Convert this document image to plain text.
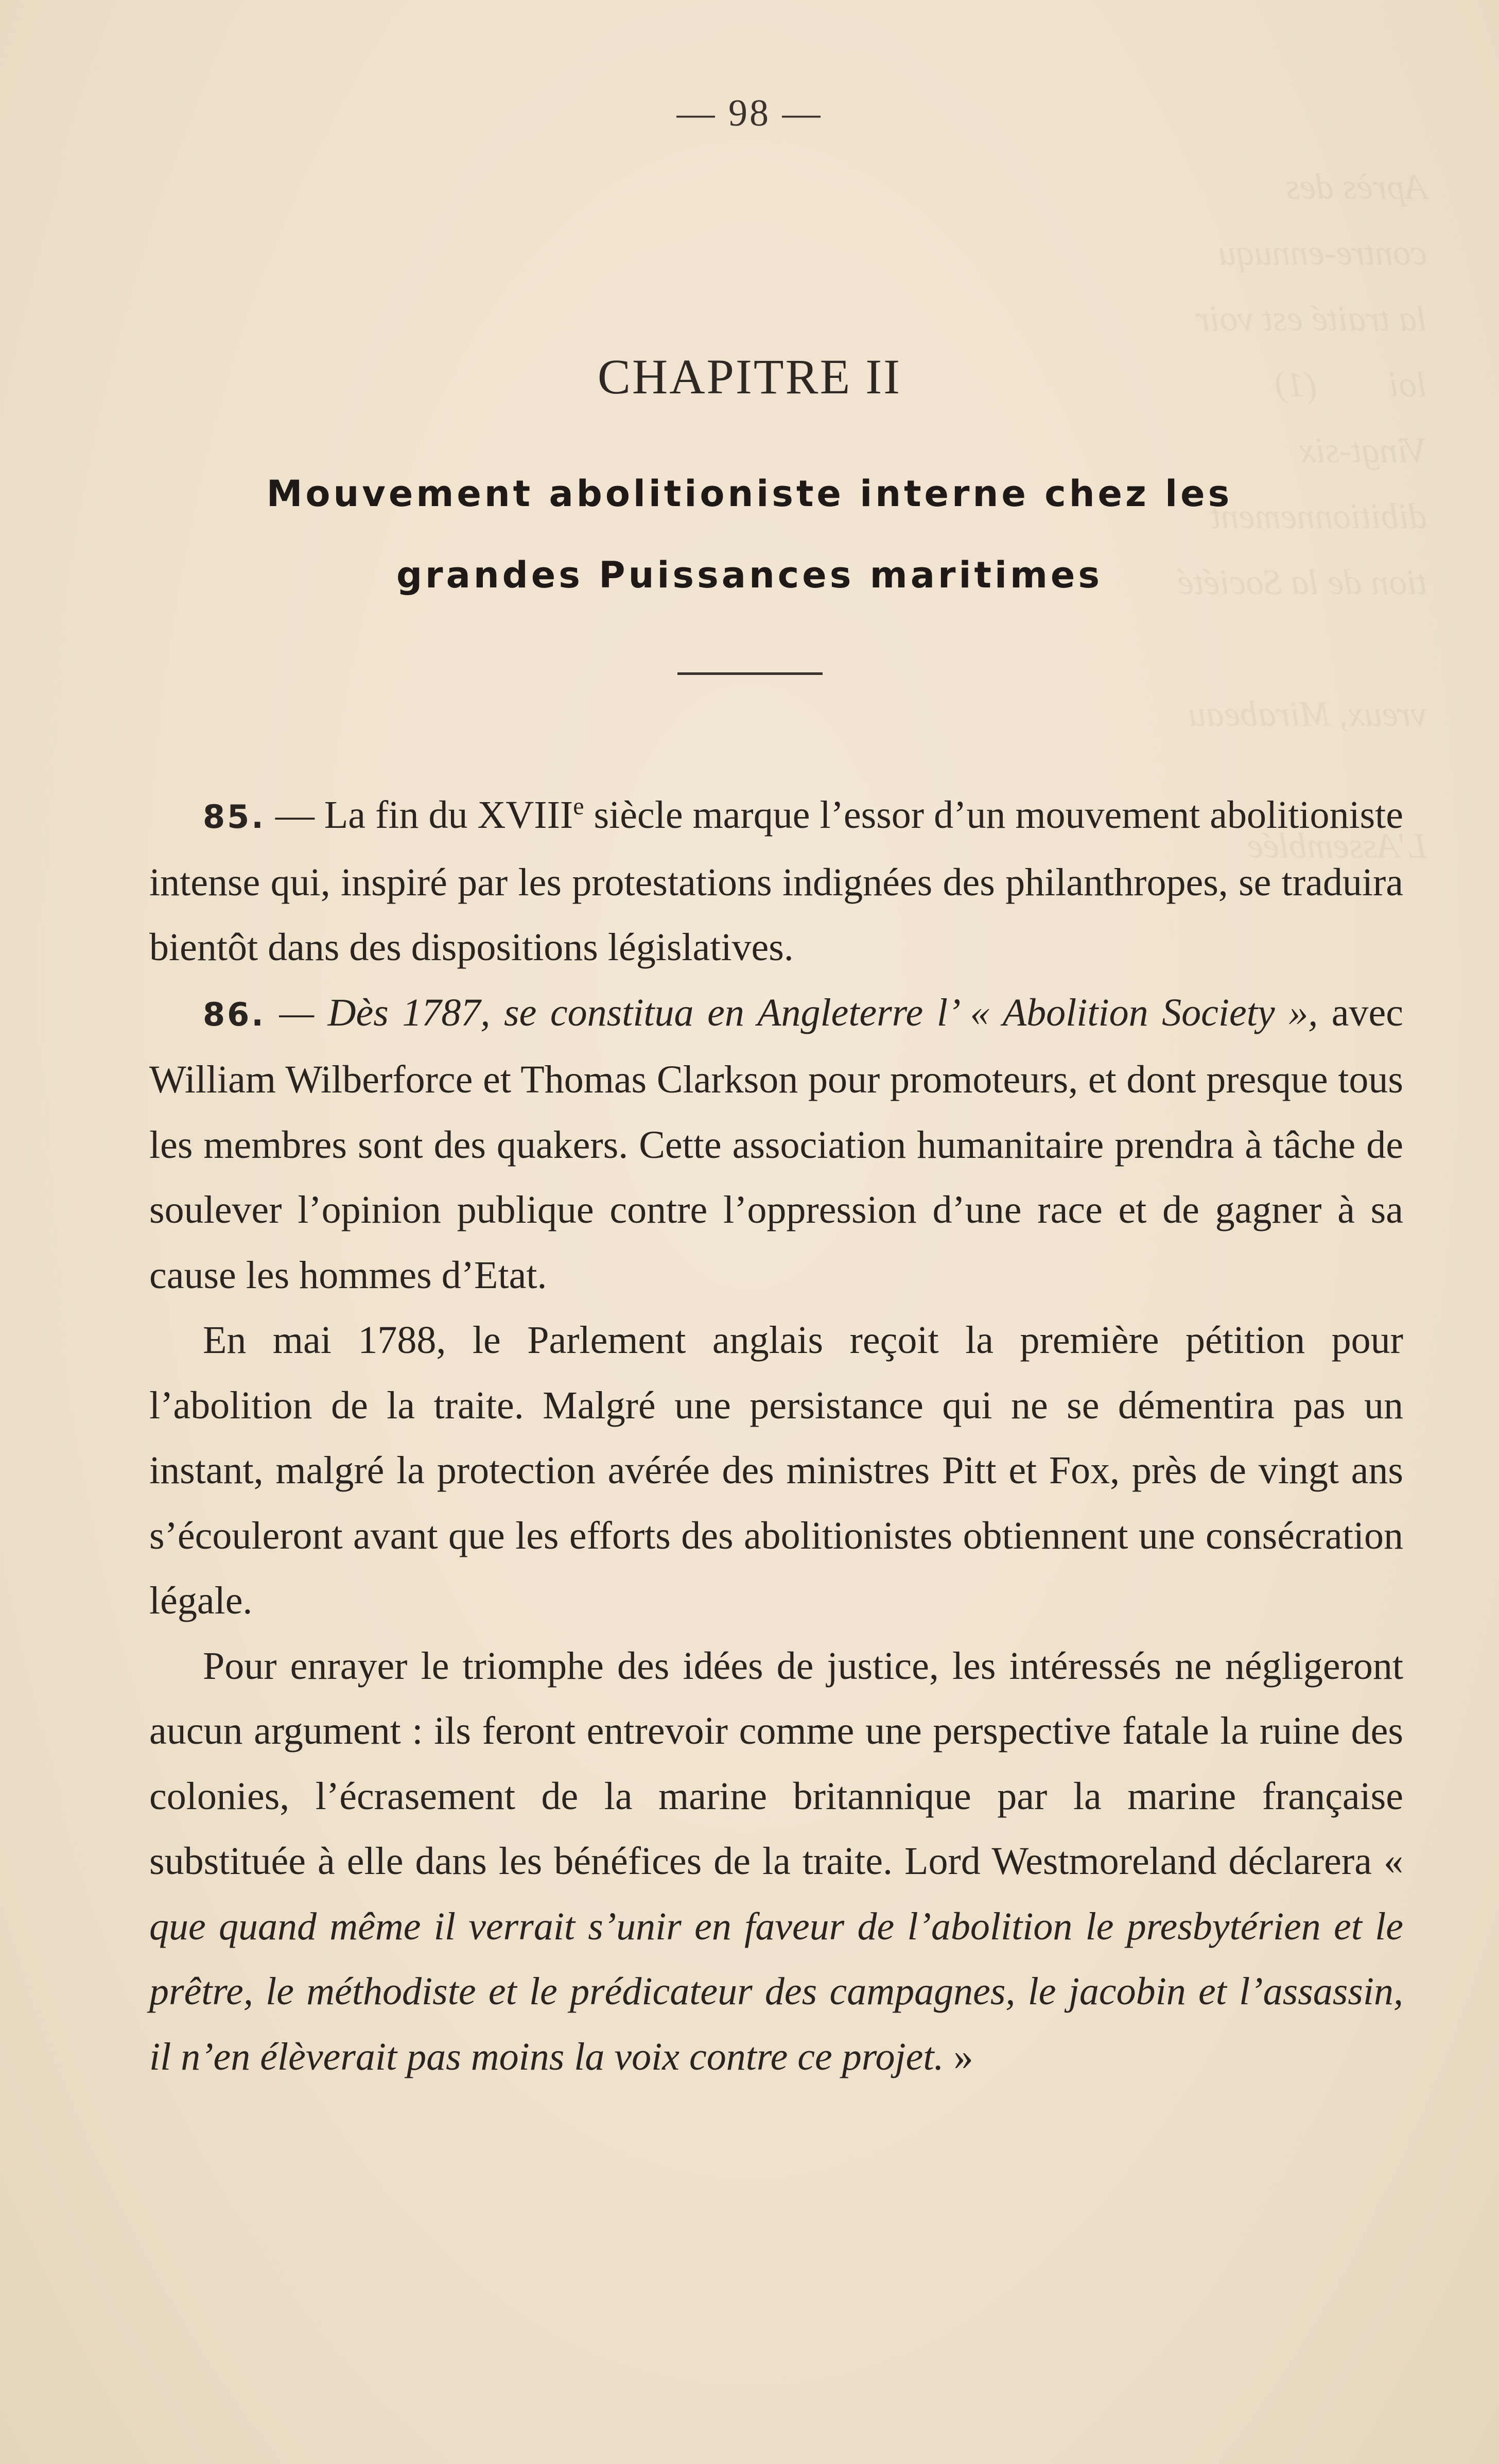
Après des
contre-ennuqu
la traité est voir
loi        (1)
Vingt-six
dibitionnement
tion de la Société

vreux, Mirabeau

L'Assemblée
— 98 —
CHAPITRE II
Mouvement abolitioniste interne chez les
grandes Puissances maritimes

85. — La fin du XVIIIe siècle marque l’essor d’un mouvement abolitioniste intense qui, inspiré par les protestations indignées des philanthropes, se traduira bientôt dans des dispositions législatives.

86. — Dès 1787, se constitua en Angleterre l’ « Abolition Society », avec William Wilberforce et Thomas Clarkson pour promoteurs, et dont presque tous les membres sont des quakers. Cette association humanitaire prendra à tâche de soulever l’opinion publique contre l’oppression d’une race et de gagner à sa cause les hommes d’Etat.

En mai 1788, le Parlement anglais reçoit la première pétition pour l’abolition de la traite. Malgré une persistance qui ne se démentira pas un instant, malgré la protection avérée des ministres Pitt et Fox, près de vingt ans s’écouleront avant que les efforts des abolitionistes obtiennent une consécration légale.

Pour enrayer le triomphe des idées de justice, les intéressés ne négligeront aucun argument : ils feront entrevoir comme une perspective fatale la ruine des colonies, l’écrasement de la marine britannique par la marine française substituée à elle dans les bénéfices de la traite. Lord Westmoreland déclarera « que quand même il verrait s’unir en faveur de l’abolition le presbytérien et le prêtre, le méthodiste et le prédicateur des campagnes, le jacobin et l’assassin, il n’en élèverait pas moins la voix contre ce projet. »
